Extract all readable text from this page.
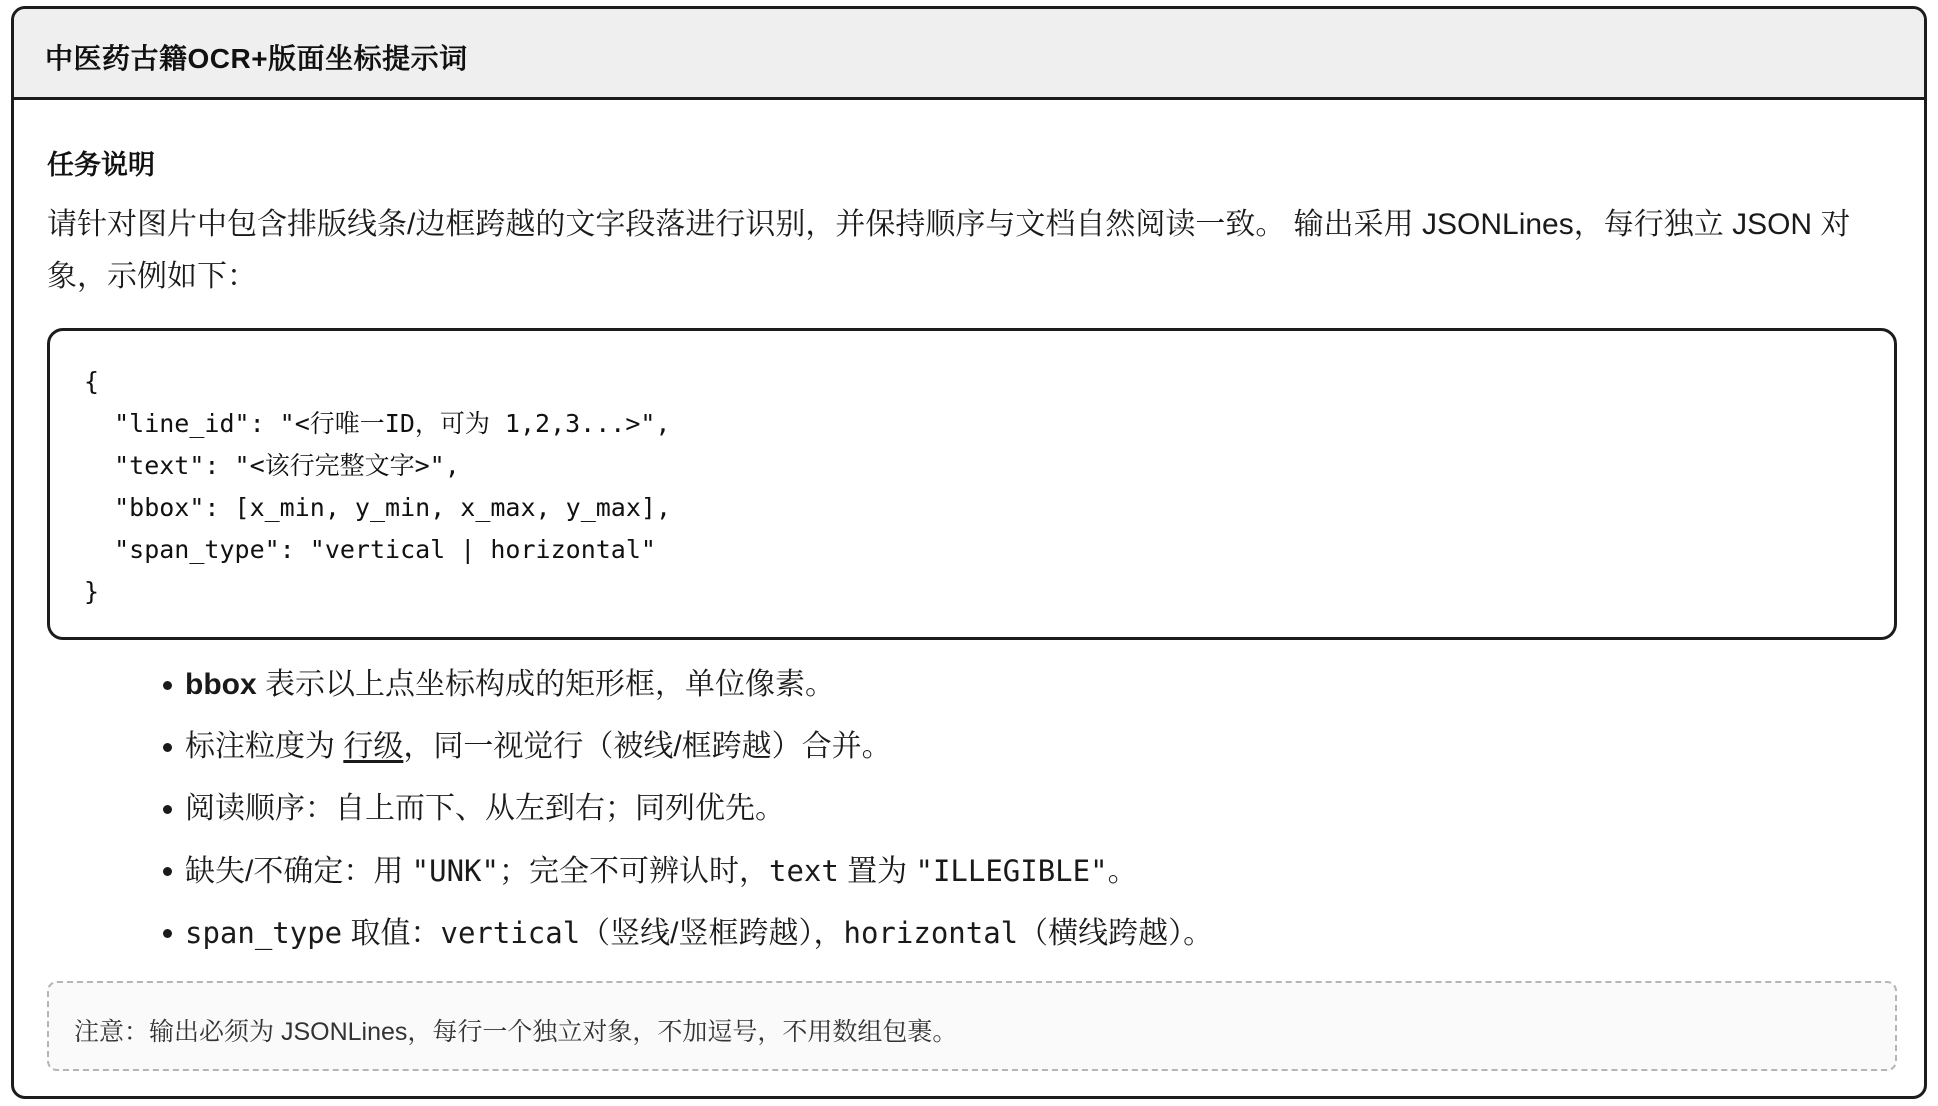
中医药古籍OCR+版面坐标提示词
任务说明
请针对图片中包含排版线条/边框跨越的文字段落进行识别，并保持顺序与文档自然阅读一致。 输出采用 JSONLines，每行独立 JSON 对象，示例如下：
{
"line_id": "<行唯一ID，可为 1,2,3...>",
"text": "<该行完整文字>",
"bbox": [x_min, y_min, x_max, y_max],
"span_type": "vertical | horizontal"
}
bbox 表示以上点坐标构成的矩形框，单位像素。
标注粒度为 行级，同一视觉行（被线/框跨越）合并。
阅读顺序：自上而下、从左到右；同列优先。
缺失/不确定：用 "UNK"；完全不可辨认时，text 置为 "ILLEGIBLE"。
span_type 取值：vertical（竖线/竖框跨越），horizontal（横线跨越）。
注意：输出必须为 JSONLines，每行一个独立对象，不加逗号，不用数组包裹。
